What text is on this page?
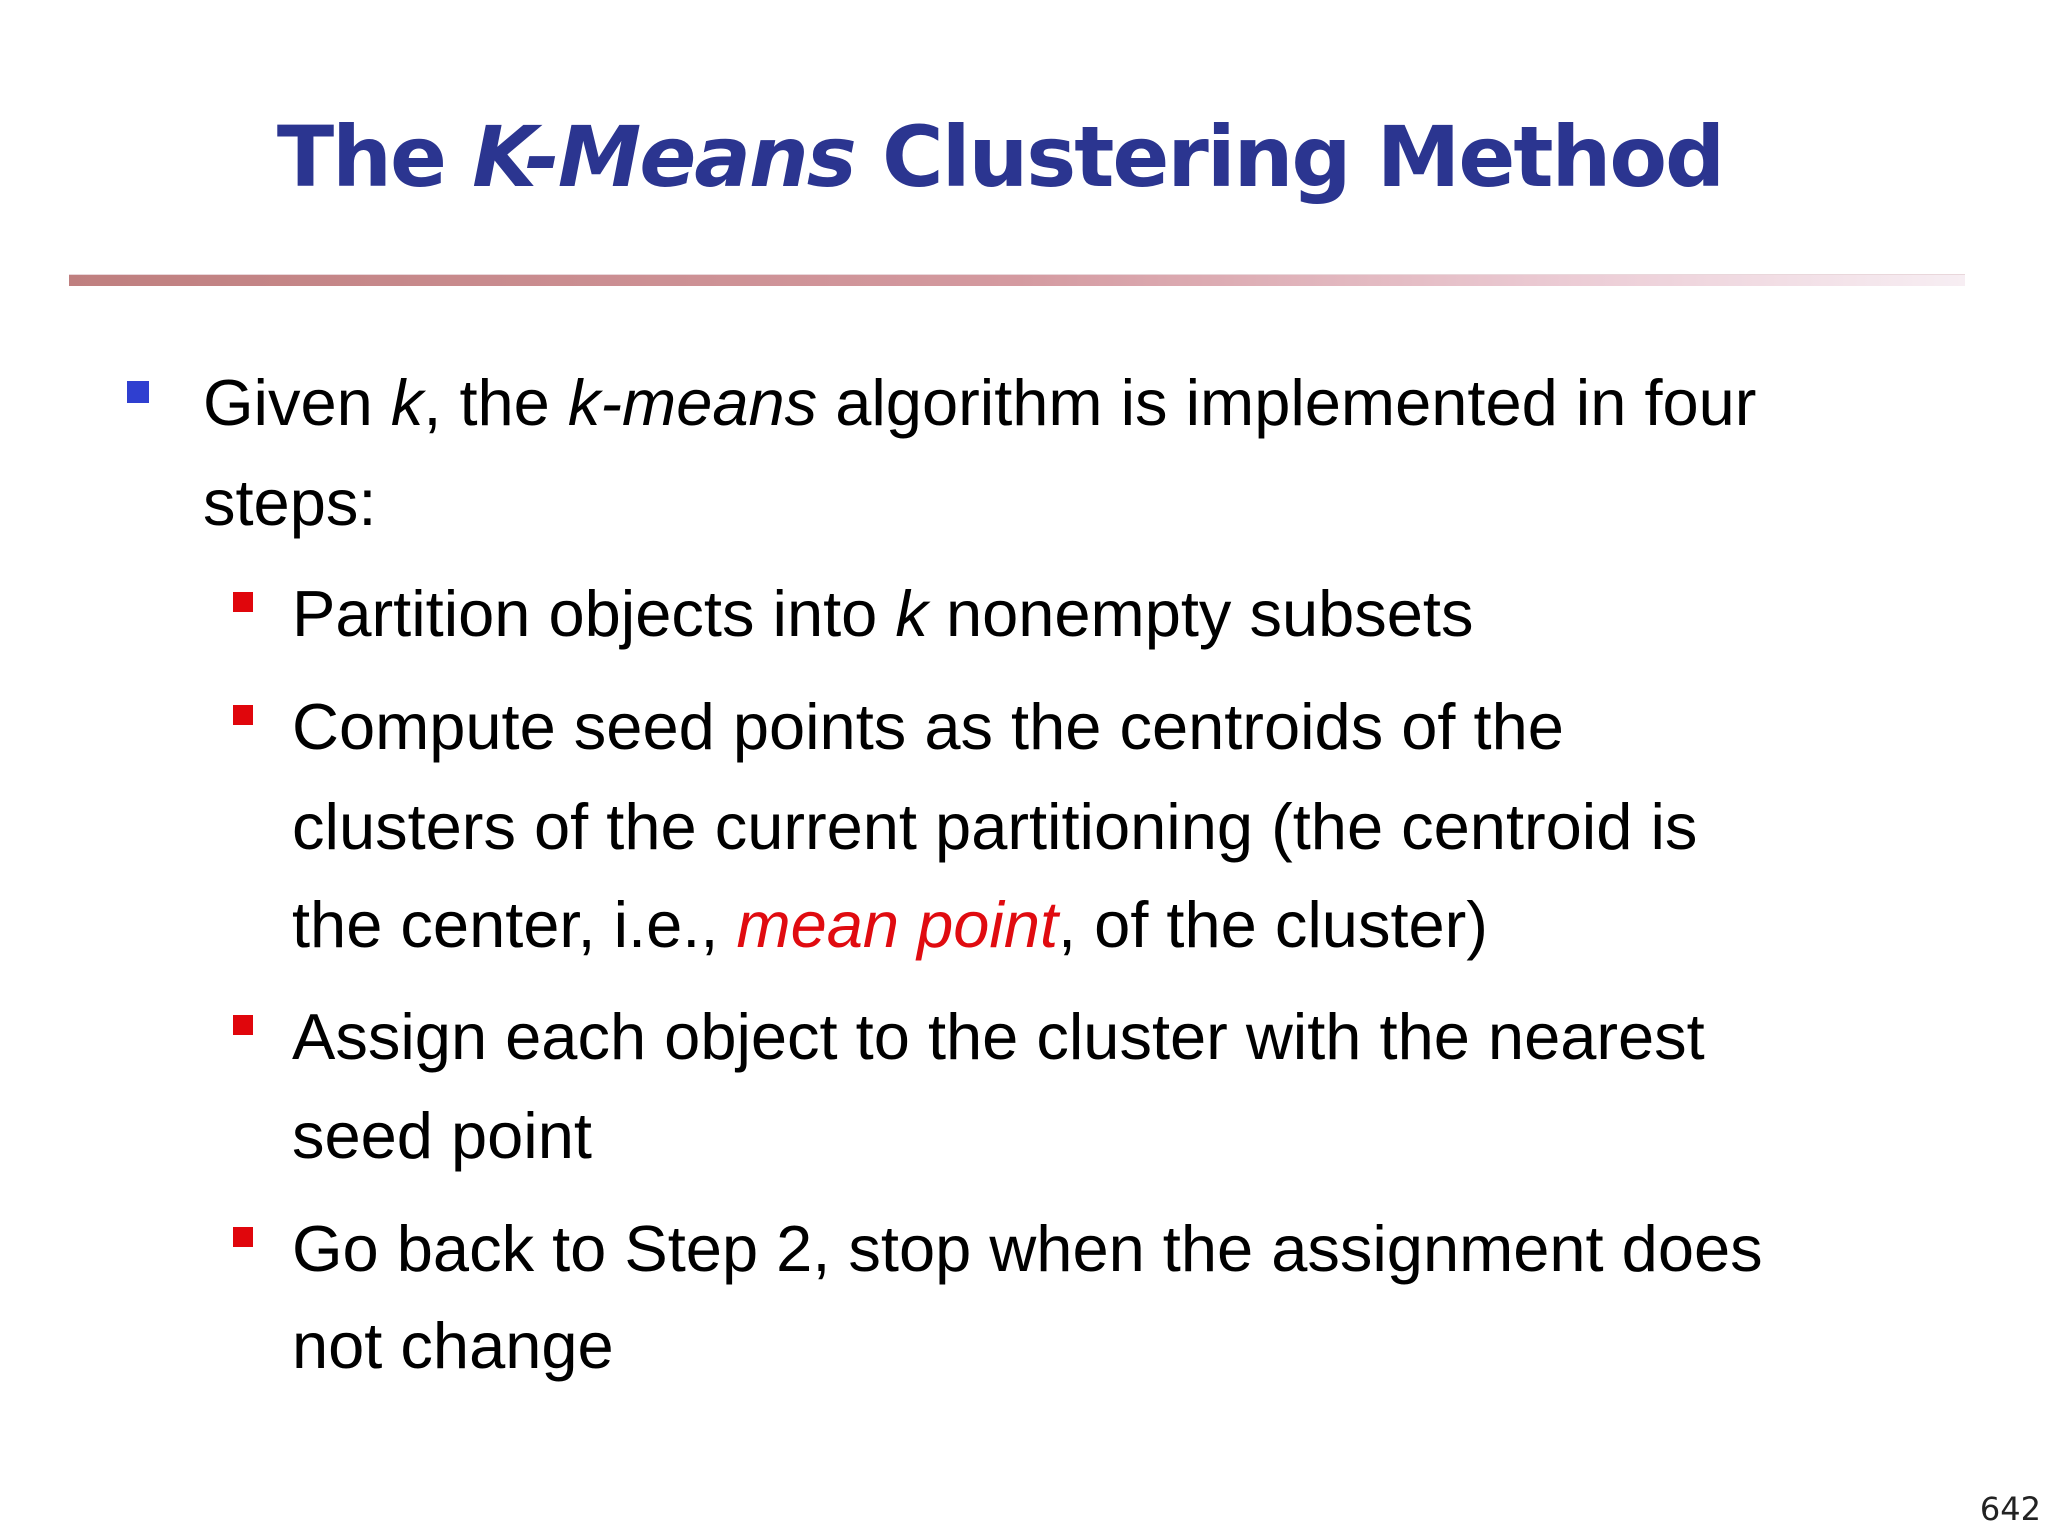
The K-Means Clustering Method
Given k, the k-means algorithm is implemented in four
steps:
Partition objects into k nonempty subsets
Compute seed points as the centroids of the
clusters of the current partitioning (the centroid is
the center, i.e., mean point, of the cluster)
Assign each object to the cluster with the nearest
seed point
Go back to Step 2, stop when the assignment does
not change
642
